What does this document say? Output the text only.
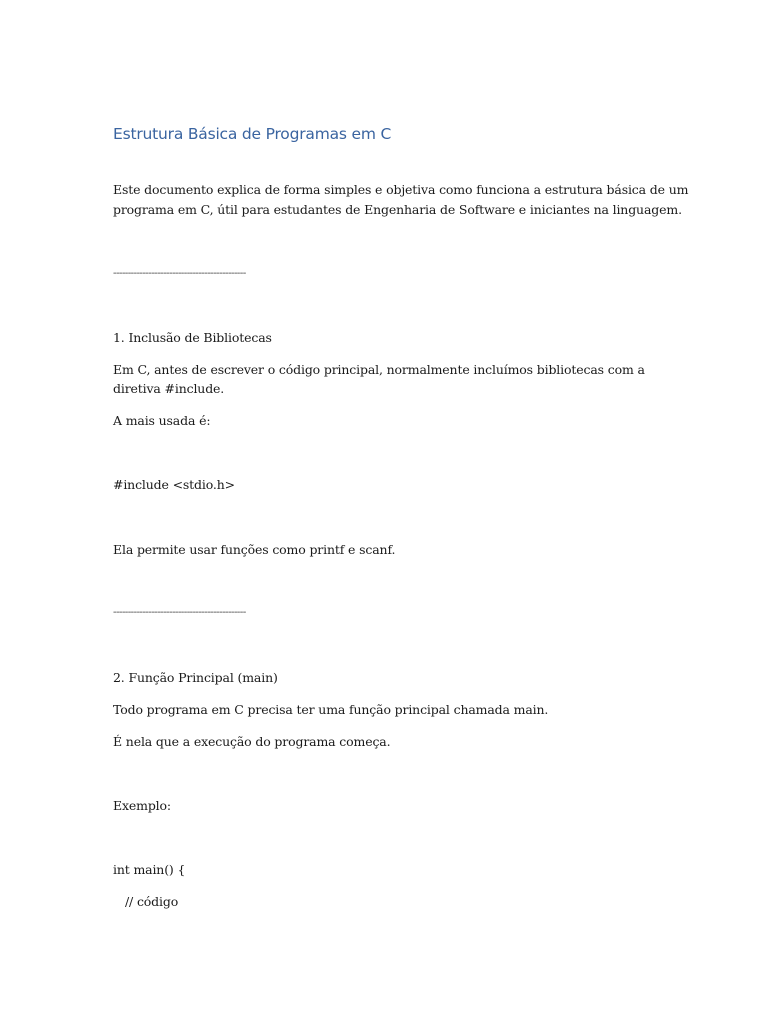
Estrutura Básica de Programas em C

Este documento explica de forma simples e objetiva como funciona a estrutura básica de um

programa em C, útil para estudantes de Engenharia de Software e iniciantes na linguagem.

---------------------------------------------

1. Inclusão de Bibliotecas

Em C, antes de escrever o código principal, normalmente incluímos bibliotecas com a

diretiva #include.

A mais usada é:

#include <stdio.h>

Ela permite usar funções como printf e scanf.

---------------------------------------------

2. Função Principal (main)

Todo programa em C precisa ter uma função principal chamada main.

É nela que a execução do programa começa.

Exemplo:

int main() {

// código
